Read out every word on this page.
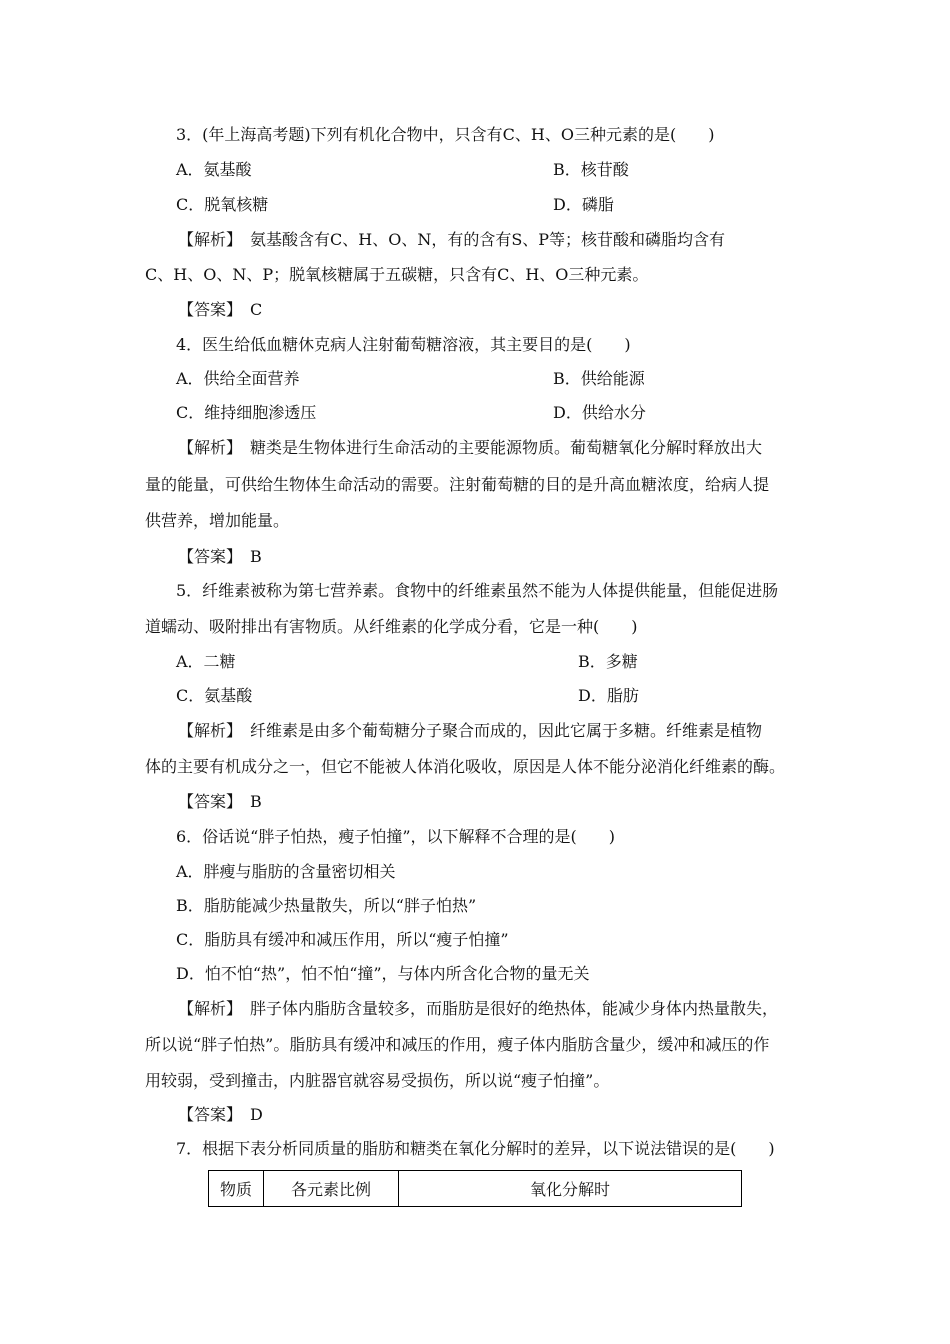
3．(年上海高考题)下列有机化合物中，只含有C、H、O三种元素的是(　　)
A．氨基酸	B．核苷酸
C．脱氧核糖	D．磷脂
【解析】　氨基酸含有C、H、O、N，有的含有S、P等；核苷酸和磷脂均含有
C、H、O、N、P；脱氧核糖属于五碳糖，只含有C、H、O三种元素。
【答案】　C
4．医生给低血糖休克病人注射葡萄糖溶液，其主要目的是(　　)
A．供给全面营养	B．供给能源
C．维持细胞渗透压	D．供给水分
【解析】　糖类是生物体进行生命活动的主要能源物质。葡萄糖氧化分解时释放出大
量的能量，可供给生物体生命活动的需要。注射葡萄糖的目的是升高血糖浓度，给病人提
供营养，增加能量。
【答案】　B
5．纤维素被称为第七营养素。食物中的纤维素虽然不能为人体提供能量，但能促进肠
道蠕动、吸附排出有害物质。从纤维素的化学成分看，它是一种(　　)
A．二糖	B．多糖
C．氨基酸	D．脂肪
【解析】　纤维素是由多个葡萄糖分子聚合而成的，因此它属于多糖。纤维素是植物
体的主要有机成分之一，但它不能被人体消化吸收，原因是人体不能分泌消化纤维素的酶。
【答案】　B
6．俗话说“胖子怕热，瘦子怕撞”，以下解释不合理的是(　　)
A．胖瘦与脂肪的含量密切相关
B．脂肪能减少热量散失，所以“胖子怕热”
C．脂肪具有缓冲和减压作用，所以“瘦子怕撞”
D．怕不怕“热”，怕不怕“撞”，与体内所含化合物的量无关
【解析】　胖子体内脂肪含量较多，而脂肪是很好的绝热体，能减少身体内热量散失，
所以说“胖子怕热”。脂肪具有缓冲和减压的作用，瘦子体内脂肪含量少，缓冲和减压的作
用较弱，受到撞击，内脏器官就容易受损伤，所以说“瘦子怕撞”。
【答案】　D
7．根据下表分析同质量的脂肪和糖类在氧化分解时的差异，以下说法错误的是(　　)
物质	各元素比例	氧化分解时
